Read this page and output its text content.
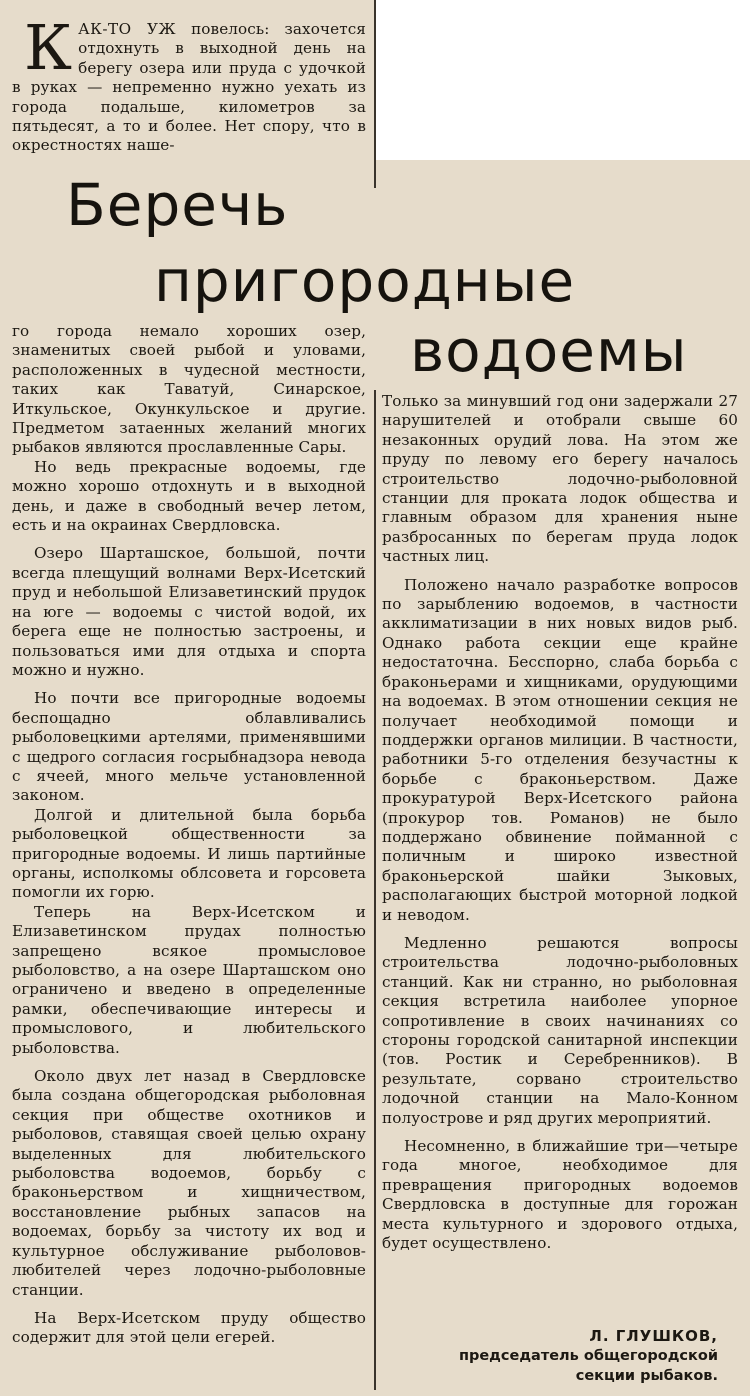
КАК-ТО УЖ повелось: захочется отдохнуть в выходной день на берегу озера или пруда с удочкой в руках — непременно нужно уехать из города подальше, километров за пятьдесят, а то и более. Нет спору, что в окрестностях наше-

Беречь
пригородные
водоемы

го города немало хороших озер, знаменитых своей рыбой и уловами, расположенных в чудесной местности, таких как Таватуй, Синарское, Иткульское, Окункульское и другие. Предметом затаенных желаний многих рыбаков являются прославленные Сары.

Но ведь прекрасные водоемы, где можно хорошо отдохнуть и в выходной день, и даже в свободный вечер летом, есть и на окраинах Свердловска.

Озеро Шарташское, большой, почти всегда плещущий волнами Верх-Исетский пруд и небольшой Елизаветинский прудок на юге — водоемы с чистой водой, их берега еще не полностью застроены, и пользоваться ими для отдыха и спорта можно и нужно.

Но почти все пригородные водоемы беспощадно облавливались рыболовецкими артелями, применявшими с щедрого согласия госрыбнадзора невода с ячеей, много мельче установленной законом.

Долгой и длительной была борьба рыболовецкой общественности за пригородные водоемы. И лишь партийные органы, исполкомы облсовета и горсовета помогли их горю.

Теперь на Верх-Исетском и Елизаветинском прудах полностью запрещено всякое промысловое рыболовство, а на озере Шарташском оно ограничено и введено в определенные рамки, обеспечивающие интересы и промыслового, и любительского рыболовства.

Около двух лет назад в Свердловске была создана общегородская рыболовная секция при обществе охотников и рыболовов, ставящая своей целью охрану выделенных для любительского рыболовства водоемов, борьбу с браконьерством и хищничеством, восстановление рыбных запасов на водоемах, борьбу за чистоту их вод и культурное обслуживание рыболовов-любителей через лодочно-рыболовные станции.

На Верх-Исетском пруду общество содержит для этой цели егерей.

Только за минувший год они задержали 27 нарушителей и отобрали свыше 60 незаконных орудий лова. На этом же пруду по левому его берегу началось строительство лодочно-рыболовной станции для проката лодок общества и главным образом для хранения ныне разбросанных по берегам пруда лодок частных лиц.

Положено начало разработке вопросов по зарыблению водоемов, в частности акклиматизации в них новых видов рыб. Однако работа секции еще крайне недостаточна. Бесспорно, слаба борьба с браконьерами и хищниками, орудующими на водоемах. В этом отношении секция не получает необходимой помощи и поддержки органов милиции. В частности, работники 5-го отделения безучастны к борьбе с браконьерством. Даже прокуратурой Верх-Исетского района (прокурор тов. Романов) не было поддержано обвинение пойманной с поличным и широко известной браконьерской шайки Зыковых, располагающих быстрой моторной лодкой и неводом.

Медленно решаются вопросы строительства лодочно-рыболовных станций. Как ни странно, но рыболовная секция встретила наиболее упорное сопротивление в своих начинаниях со стороны городской санитарной инспекции (тов. Ростик и Серебренников). В результате, сорвано строительство лодочной станции на Мало-Конном полуострове и ряд других мероприятий.

Несомненно, в ближайшие три—четыре года многое, необходимое для превращения пригородных водоемов Свердловска в доступные для горожан места культурного и здорового отдыха, будет осуществлено.

Л. ГЛУШКОВ,
председатель общегородской
секции рыбаков.
